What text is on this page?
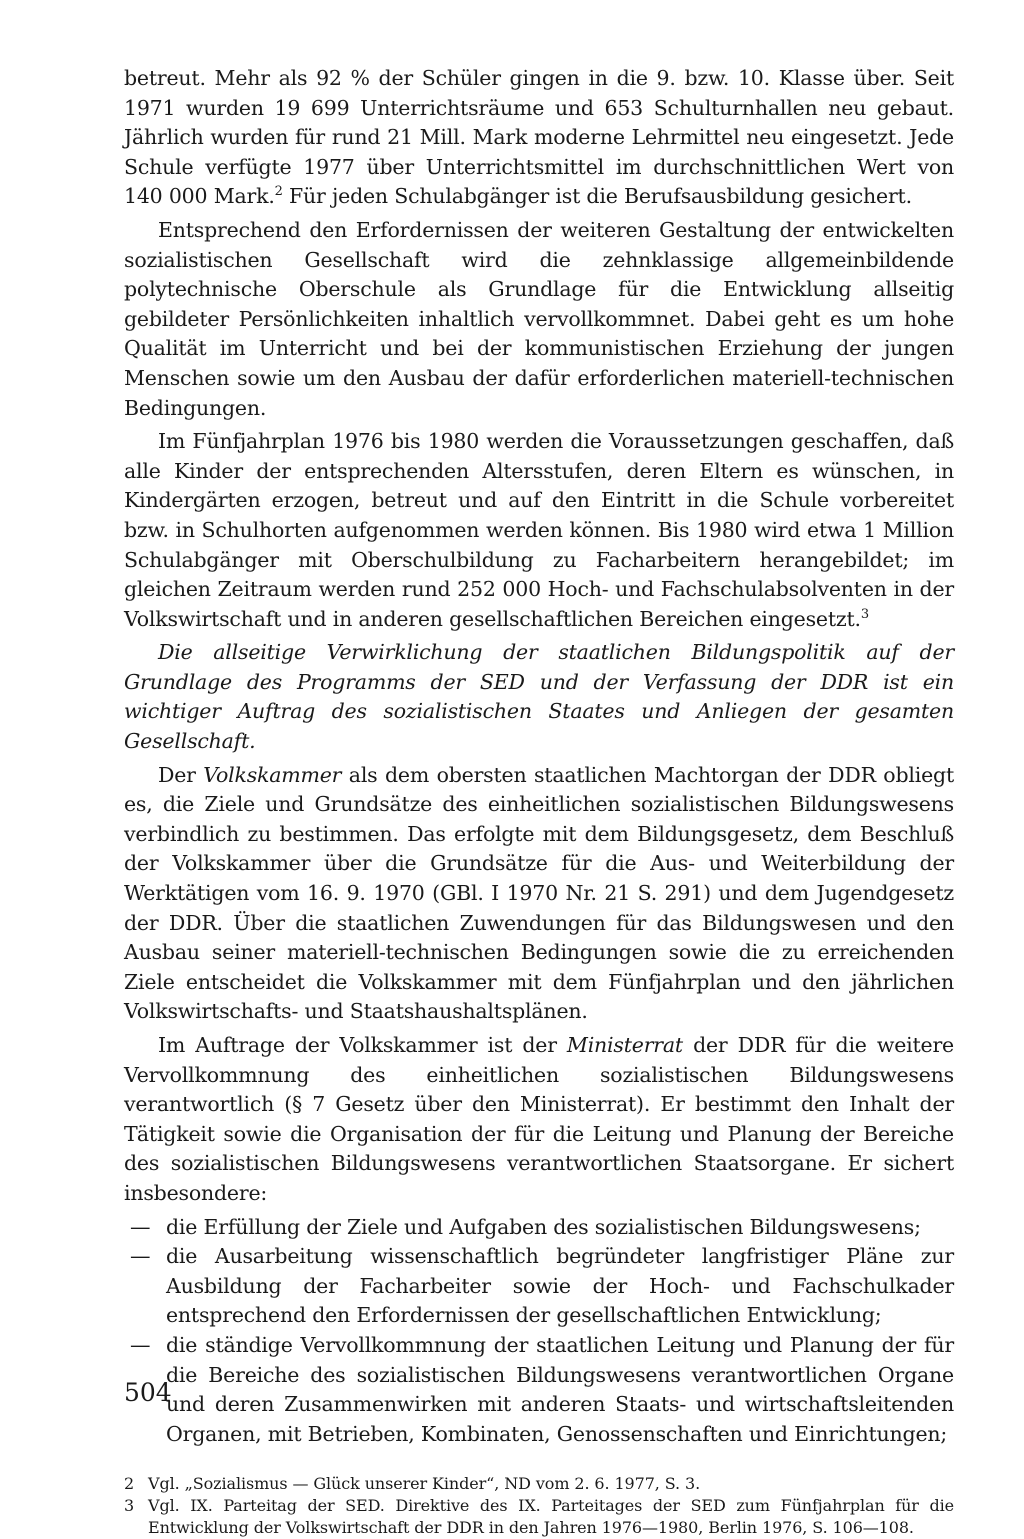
betreut. Mehr als 92 % der Schüler gingen in die 9. bzw. 10. Klasse über. Seit 1971 wurden 19 699 Unterrichtsräume und 653 Schulturnhallen neu gebaut. Jährlich wurden für rund 21 Mill. Mark moderne Lehrmittel neu eingesetzt. Jede Schule verfügte 1977 über Unterrichtsmittel im durchschnittlichen Wert von 140 000 Mark.$^2$ Für jeden Schulabgänger ist die Berufsausbildung gesichert.

Entsprechend den Erfordernissen der weiteren Gestaltung der entwickelten sozialistischen Gesellschaft wird die zehnklassige allgemeinbildende polytechnische Oberschule als Grundlage für die Entwicklung allseitig gebildeter Persönlichkeiten inhaltlich vervollkommnet. Dabei geht es um hohe Qualität im Unterricht und bei der kommunistischen Erziehung der jungen Menschen sowie um den Ausbau der dafür erforderlichen materiell-technischen Bedingungen.

Im Fünfjahrplan 1976 bis 1980 werden die Voraussetzungen geschaffen, daß alle Kinder der entsprechenden Altersstufen, deren Eltern es wünschen, in Kindergärten erzogen, betreut und auf den Eintritt in die Schule vorbereitet bzw. in Schulhorten aufgenommen werden können. Bis 1980 wird etwa 1 Million Schulabgänger mit Oberschulbildung zu Facharbeitern herangebildet; im gleichen Zeitraum werden rund 252 000 Hoch- und Fachschulabsolventen in der Volkswirtschaft und in anderen gesellschaftlichen Bereichen eingesetzt.$^3$

Die allseitige Verwirklichung der staatlichen Bildungspolitik auf der Grundlage des Programms der SED und der Verfassung der DDR ist ein wichtiger Auftrag des sozialistischen Staates und Anliegen der gesamten Gesellschaft.

Der Volkskammer als dem obersten staatlichen Machtorgan der DDR obliegt es, die Ziele und Grundsätze des einheitlichen sozialistischen Bildungswesens verbindlich zu bestimmen. Das erfolgte mit dem Bildungsgesetz, dem Beschluß der Volkskammer über die Grundsätze für die Aus- und Weiterbildung der Werktätigen vom 16. 9. 1970 (GBl. I 1970 Nr. 21 S. 291) und dem Jugendgesetz der DDR. Über die staatlichen Zuwendungen für das Bildungswesen und den Ausbau seiner materiell-technischen Bedingungen sowie die zu erreichenden Ziele entscheidet die Volkskammer mit dem Fünfjahrplan und den jährlichen Volkswirtschafts- und Staatshaushaltsplänen.

Im Auftrage der Volkskammer ist der Ministerrat der DDR für die weitere Vervollkommnung des einheitlichen sozialistischen Bildungswesens verantwortlich (§ 7 Gesetz über den Ministerrat). Er bestimmt den Inhalt der Tätigkeit sowie die Organisation der für die Leitung und Planung der Bereiche des sozialistischen Bildungswesens verantwortlichen Staatsorgane. Er sichert insbesondere:

— die Erfüllung der Ziele und Aufgaben des sozialistischen Bildungswesens;
— die Ausarbeitung wissenschaftlich begründeter langfristiger Pläne zur Ausbildung der Facharbeiter sowie der Hoch- und Fachschulkader entsprechend den Erfordernissen der gesellschaftlichen Entwicklung;
— die ständige Vervollkommnung der staatlichen Leitung und Planung der für die Bereiche des sozialistischen Bildungswesens verantwortlichen Organe und deren Zusammenwirken mit anderen Staats- und wirtschaftsleitenden Organen, mit Betrieben, Kombinaten, Genossenschaften und Einrichtungen;
2 Vgl. „Sozialismus — Glück unserer Kinder“, ND vom 2. 6. 1977, S. 3.
3 Vgl. IX. Parteitag der SED. Direktive des IX. Parteitages der SED zum Fünfjahrplan für die Entwicklung der Volkswirtschaft der DDR in den Jahren 1976—1980, Berlin 1976, S. 106—108.
504
